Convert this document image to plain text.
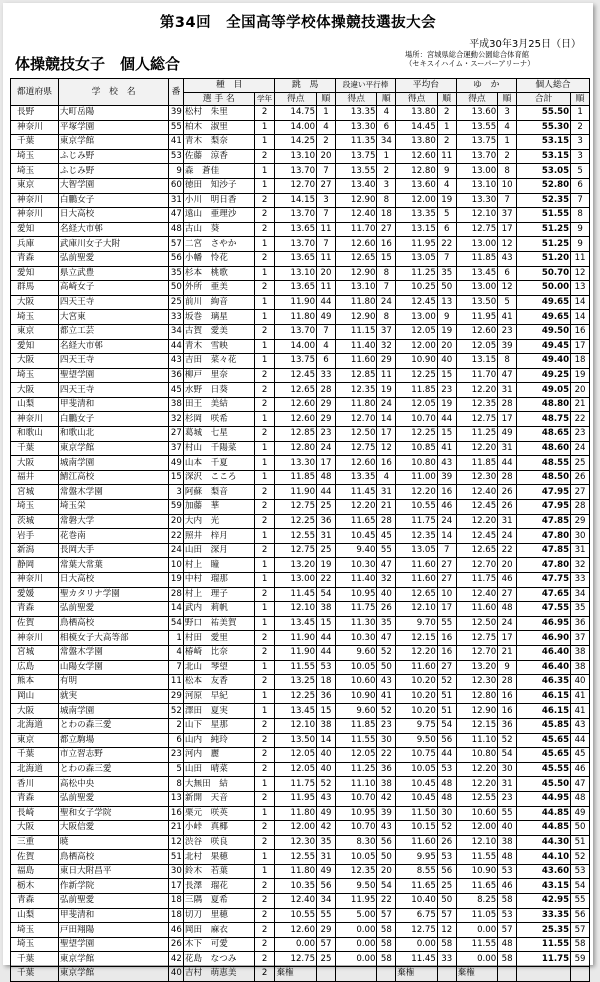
第34回　全国高等学校体操競技選抜大会
平成30年3月25日（日）
体操競技女子　個人総合
場所：宮城県総合運動公園総合体育館
（セキスイハイム・スーパーアリーナ）
都道府県	学　校　名	番	種　目		跳　馬		段違い平行棒		平均台		ゆ　か		個人総合	
			選 手 名	学年	得点	順	得点	順	得点	順	得点	順	合計	順
長野	大町岳陽	39	松村　朱里	2	14.75	1	13.35	4	13.80	2	13.60	3	55.50	1
神奈川	平塚学園	55	柏木　淑里	1	14.00	4	13.30	6	14.45	1	13.55	4	55.30	2
千葉	東京学館	41	青木　梨奈	1	14.25	2	11.35	34	13.80	2	13.75	1	53.15	3
埼玉	ふじみ野	53	佐藤　涼香	2	13.10	20	13.75	1	12.60	11	13.70	2	53.15	3
埼玉	ふじみ野	9	森　蒼佳	1	13.70	7	13.55	2	12.80	9	13.00	8	53.05	5
東京	大智学園	60	徳田　知沙子	1	12.70	27	13.40	3	13.60	4	13.10	10	52.80	6
神奈川	白鵬女子	31	小川　明日香	2	14.15	3	12.90	8	12.00	19	13.30	7	52.35	7
神奈川	日大高校	47	遠山　亜理沙	2	13.70	7	12.40	18	13.35	5	12.10	37	51.55	8
愛知	名経大市邨	48	古山　葵	2	13.65	11	11.70	27	13.15	6	12.75	17	51.25	9
兵庫	武庫川女子大附	57	二宮　さやか	1	13.70	7	12.60	16	11.95	22	13.00	12	51.25	9
青森	弘前聖愛	56	小幡　怜花	2	13.65	11	12.65	15	13.05	7	11.85	43	51.20	11
愛知	県立武豊	35	杉本　桃歌	1	13.10	20	12.90	8	11.25	35	13.45	6	50.70	12
群馬	高崎女子	50	外所　亜美	2	13.65	11	13.10	7	10.25	50	13.00	12	50.00	13
大阪	四天王寺	25	前川　絢音	1	11.90	44	11.80	24	12.45	13	13.50	5	49.65	14
埼玉	大宮東	33	坂巻　璃星	1	11.80	49	12.90	8	13.00	9	11.95	41	49.65	14
東京	都立工芸	34	古賀　愛美	2	13.70	7	11.15	37	12.05	19	12.60	23	49.50	16
愛知	名経大市邨	44	青木　雪映	1	14.00	4	11.40	32	12.00	20	12.05	39	49.45	17
大阪	四天王寺	43	吉田　菜々花	1	13.75	6	11.60	29	10.90	40	13.15	8	49.40	18
埼玉	聖望学園	36	柳戸　里奈	2	12.45	33	12.85	11	12.25	15	11.70	47	49.25	19
大阪	四天王寺	45	水野　日葵	2	12.65	28	12.35	19	11.85	23	12.20	31	49.05	20
山梨	甲斐清和	38	田王　美結	2	12.60	29	11.80	24	12.05	19	12.35	28	48.80	21
神奈川	白鵬女子	32	杉岡　咲希	1	12.60	29	12.70	14	10.70	44	12.75	17	48.75	22
和歌山	和歌山北	27	葛城　七星	2	12.85	23	12.50	17	12.25	15	11.25	49	48.65	23
千葉	東京学館	37	村山　千陽菜	1	12.80	24	12.75	12	10.85	41	12.20	31	48.60	24
大阪	城南学園	49	山本　千夏	1	13.30	17	12.60	16	10.80	43	11.85	44	48.55	25
福井	鯖江高校	15	深沢　こころ	1	11.85	48	13.35	4	11.00	39	12.30	28	48.50	26
宮城	常盤木学園	3	阿蘇　梨音	2	11.90	44	11.45	31	12.20	16	12.40	26	47.95	27
埼玉	埼玉栄	59	加藤　華	2	12.75	25	12.20	21	10.55	46	12.45	26	47.95	28
茨城	常磐大学	20	大内　光	2	12.25	36	11.65	28	11.75	24	12.20	31	47.85	29
岩手	花巻南	22	照井　梓月	1	12.55	31	10.45	45	12.35	14	12.45	24	47.80	30
新潟	長岡大手	24	山田　深月	2	12.75	25	9.40	55	13.05	7	12.65	22	47.85	31
静岡	常葉大常葉	10	村上　瞳	1	13.20	19	10.30	47	11.60	27	12.70	20	47.80	32
神奈川	日大高校	19	中村　瑠那	1	13.00	22	11.40	32	11.60	27	11.75	46	47.75	33
愛媛	聖カタリナ学園	28	村上　理子	2	11.45	54	10.95	40	12.65	10	12.40	27	47.65	34
青森	弘前聖愛	14	武内　莉帆	1	12.10	38	11.75	26	12.10	17	11.60	48	47.55	35
佐賀	鳥栖高校	54	野口　祐美賀	1	13.45	15	11.30	35	9.70	55	12.50	24	46.95	36
神奈川	相模女子大高等部	1	村田　愛里	2	11.90	44	10.30	47	12.15	16	12.75	17	46.90	37
宮城	常盤木学園	4	椿崎　比奈	2	11.90	44	9.60	52	12.20	16	12.70	21	46.40	38
広島	山陽女学園	7	北山　琴望	1	11.55	53	10.05	50	11.60	27	13.20	9	46.40	38
熊本	有明	11	松本　友香	2	13.25	18	10.60	43	10.20	52	12.30	28	46.35	40
岡山	就実	29	河原　早紀	1	12.25	36	10.90	41	10.20	51	12.80	16	46.15	41
大阪	城南学園	52	澤田　夏実	1	13.45	15	9.60	52	10.20	51	12.90	16	46.15	41
北海道	とわの森三愛	2	山下　星那	2	12.10	38	11.85	23	9.75	54	12.15	36	45.85	43
東京	都立駒場	6	山内　純玲	2	13.50	14	11.55	30	9.50	56	11.10	52	45.65	44
千葉	市立習志野	23	河内　麗	2	12.05	40	12.05	22	10.75	44	10.80	54	45.65	45
北海道	とわの森三愛	5	山田　晴菜	2	12.05	40	11.25	36	10.05	53	12.20	30	45.55	46
香川	高松中央	8	大無田　結	1	11.75	52	11.10	38	10.45	48	12.20	31	45.50	47
青森	弘前聖愛	13	新開　天音	2	11.95	43	10.70	42	10.45	48	12.55	23	44.95	48
長崎	聖和女子学院	16	栗元　咲英	1	11.80	49	10.95	39	11.50	30	10.60	55	44.85	49
大阪	大阪信愛	21	小峠　真椰	2	12.00	42	10.70	43	10.15	52	12.00	40	44.85	50
三重	暁	12	渋谷　咲良	2	12.30	35	8.30	56	11.60	26	12.10	38	44.30	51
佐賀	鳥栖高校	51	北村　果穂	1	12.55	31	10.05	50	9.95	53	11.55	48	44.10	52
福島	東日大附昌平	30	鈴木　若葉	1	11.80	49	12.35	20	8.55	56	10.90	53	43.60	53
栃木	作新学院	17	長澤　瑠花	2	10.35	56	9.50	54	11.65	25	11.65	46	43.15	54
青森	弘前聖愛	18	三隅　夏希	2	12.40	34	11.95	22	10.40	50	8.25	58	42.95	55
山梨	甲斐清和	18	切刀　里穂	2	10.55	55	5.00	57	6.75	57	11.05	53	33.35	56
埼玉	戸田翔陽	46	岡田　麻衣	2	12.60	29	0.00	58	12.75	12	0.00	57	25.35	57
埼玉	聖望学園	26	木下　可愛	2	0.00	57	0.00	58	0.00	58	11.55	48	11.55	58
千葉	東京学館	42	花島　なつみ	2	12.75	25	0.00	58	11.45	33	0.00	58	11.75	59
千葉	東京学館	40	吉村　萌恵美	2	棄権				棄権		棄権			
